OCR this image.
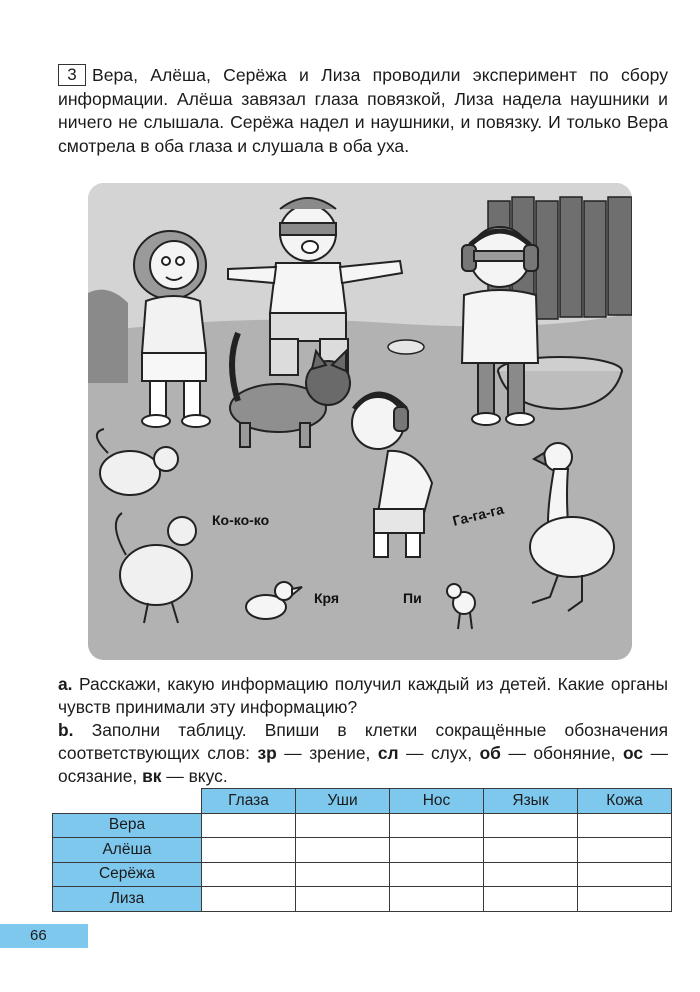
3 Вера, Алёша, Серёжа и Лиза проводили эксперимент по сбору информации. Алёша завязал глаза повязкой, Лиза надела наушники и ничего не слышала. Серёжа надел и наушники, и повязку. И только Вера смотрела в оба глаза и слушала в оба уха.
Ко-ко-ко
Кря	Пи
Га-га-га

a. Расскажи, какую информацию получил каждый из детей. Какие органы чувств принимали эту информацию?

b. Заполни таблицу. Впиши в клетки сокращённые обозначения соответствующих слов: зр — зрение, сл — слух, об — обоняние, ос — осязание, вк — вкус.

	Глаза	Уши	Нос	Язык	Кожа
Вера					
Алёша					
Серёжа					
Лиза					
66
